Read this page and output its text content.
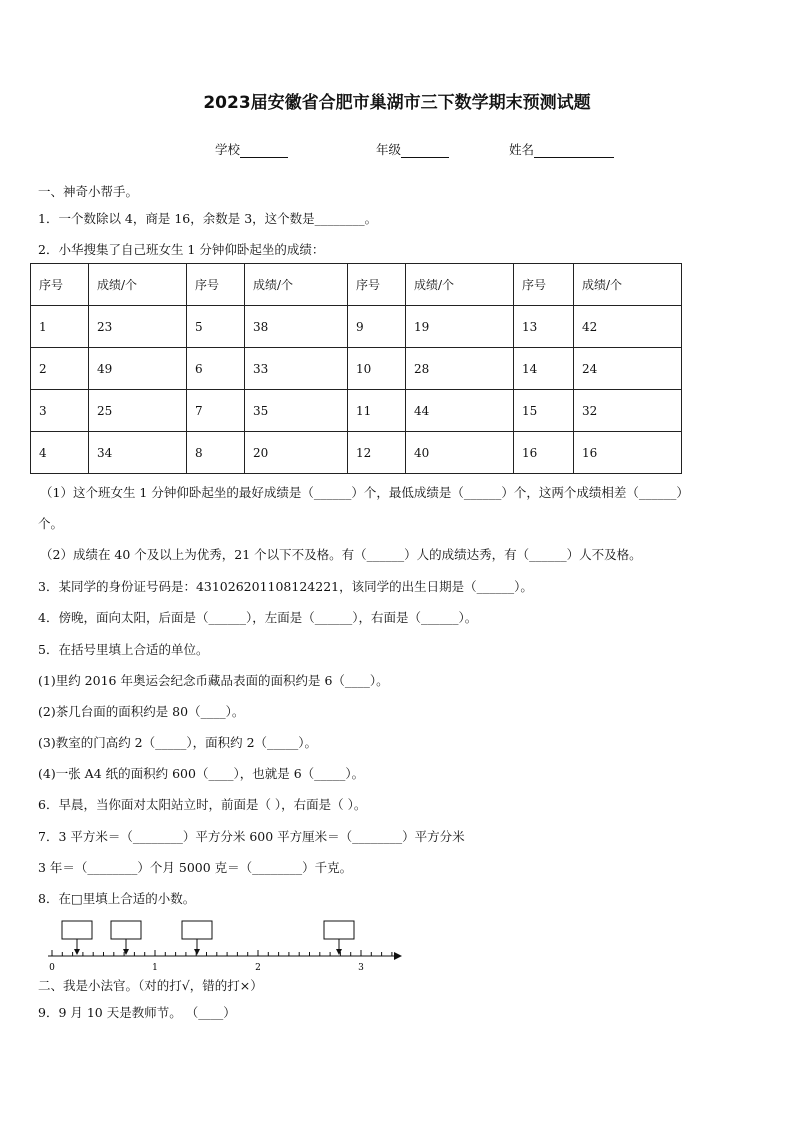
2023届安徽省合肥市巢湖市三下数学期末预测试题
学校	年级	姓名
一、神奇小帮手。
1．一个数除以 4，商是 16，余数是 3，这个数是________。
2．小华搜集了自己班女生 1 分钟仰卧起坐的成绩：
序号	成绩/个	序号	成绩/个	序号	成绩/个	序号	成绩/个
1	23	5	38	9	19	13	42
2	49	6	33	10	28	14	24
3	25	7	35	11	44	15	32
4	34	8	20	12	40	16	16
（1）这个班女生 1 分钟仰卧起坐的最好成绩是（______）个，最低成绩是（______）个，这两个成绩相差（______）
个。
（2）成绩在 40 个及以上为优秀，21 个以下不及格。有（______）人的成绩达秀，有（______）人不及格。
3．某同学的身份证号码是：431026201108124221，该同学的出生日期是（______）。
4．傍晚，面向太阳，后面是（______），左面是（______），右面是（______）。
5．在括号里填上合适的单位。
(1)里约 2016 年奥运会纪念币藏品表面的面积约是 6（____）。
(2)茶几台面的面积约是 80（____）。
(3)教室的门高约 2（_____），面积约 2（_____）。
(4)一张 A4 纸的面积约 600（____），也就是 6（_____）。
6．早晨，当你面对太阳站立时，前面是（ ），右面是（ ）。
7．3 平方米＝（________）平方分米 600 平方厘米＝（________）平方分米
3 年＝（________）个月 5000 克＝（________）千克。
8．在□里填上合适的小数。
0	1	2	3
二、我是小法官。（对的打√，错的打×）
9．9 月 10 天是教师节。 （____）
